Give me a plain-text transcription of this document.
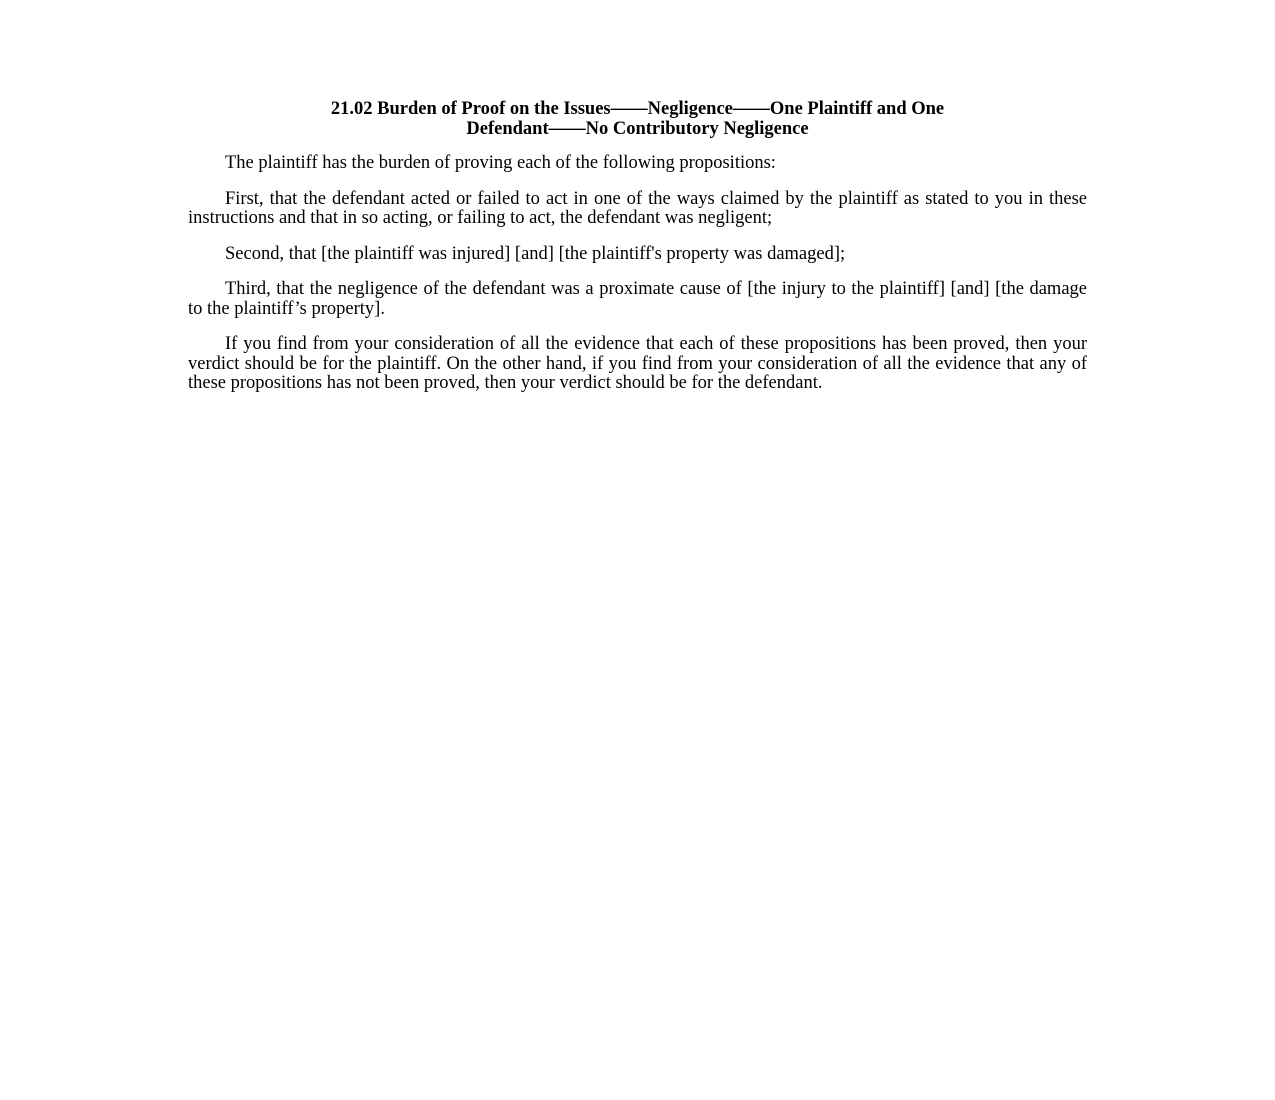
21.02 Burden of Proof on the Issues——Negligence——One Plaintiff and One
Defendant——No Contributory Negligence

The plaintiff has the burden of proving each of the following propositions:

First, that the defendant acted or failed to act in one of the ways claimed by the plaintiff as stated to you in these instructions and that in so acting, or failing to act, the defendant was negligent;

Second, that [the plaintiff was injured] [and] [the plaintiff's property was damaged];

Third, that the negligence of the defendant was a proximate cause of [the injury to the plaintiff] [and] [the damage to the plaintiff’s property].

If you find from your consideration of all the evidence that each of these propositions has been proved, then your verdict should be for the plaintiff. On the other hand, if you find from your consideration of all the evidence that any of these propositions has not been proved, then your verdict should be for the defendant.
